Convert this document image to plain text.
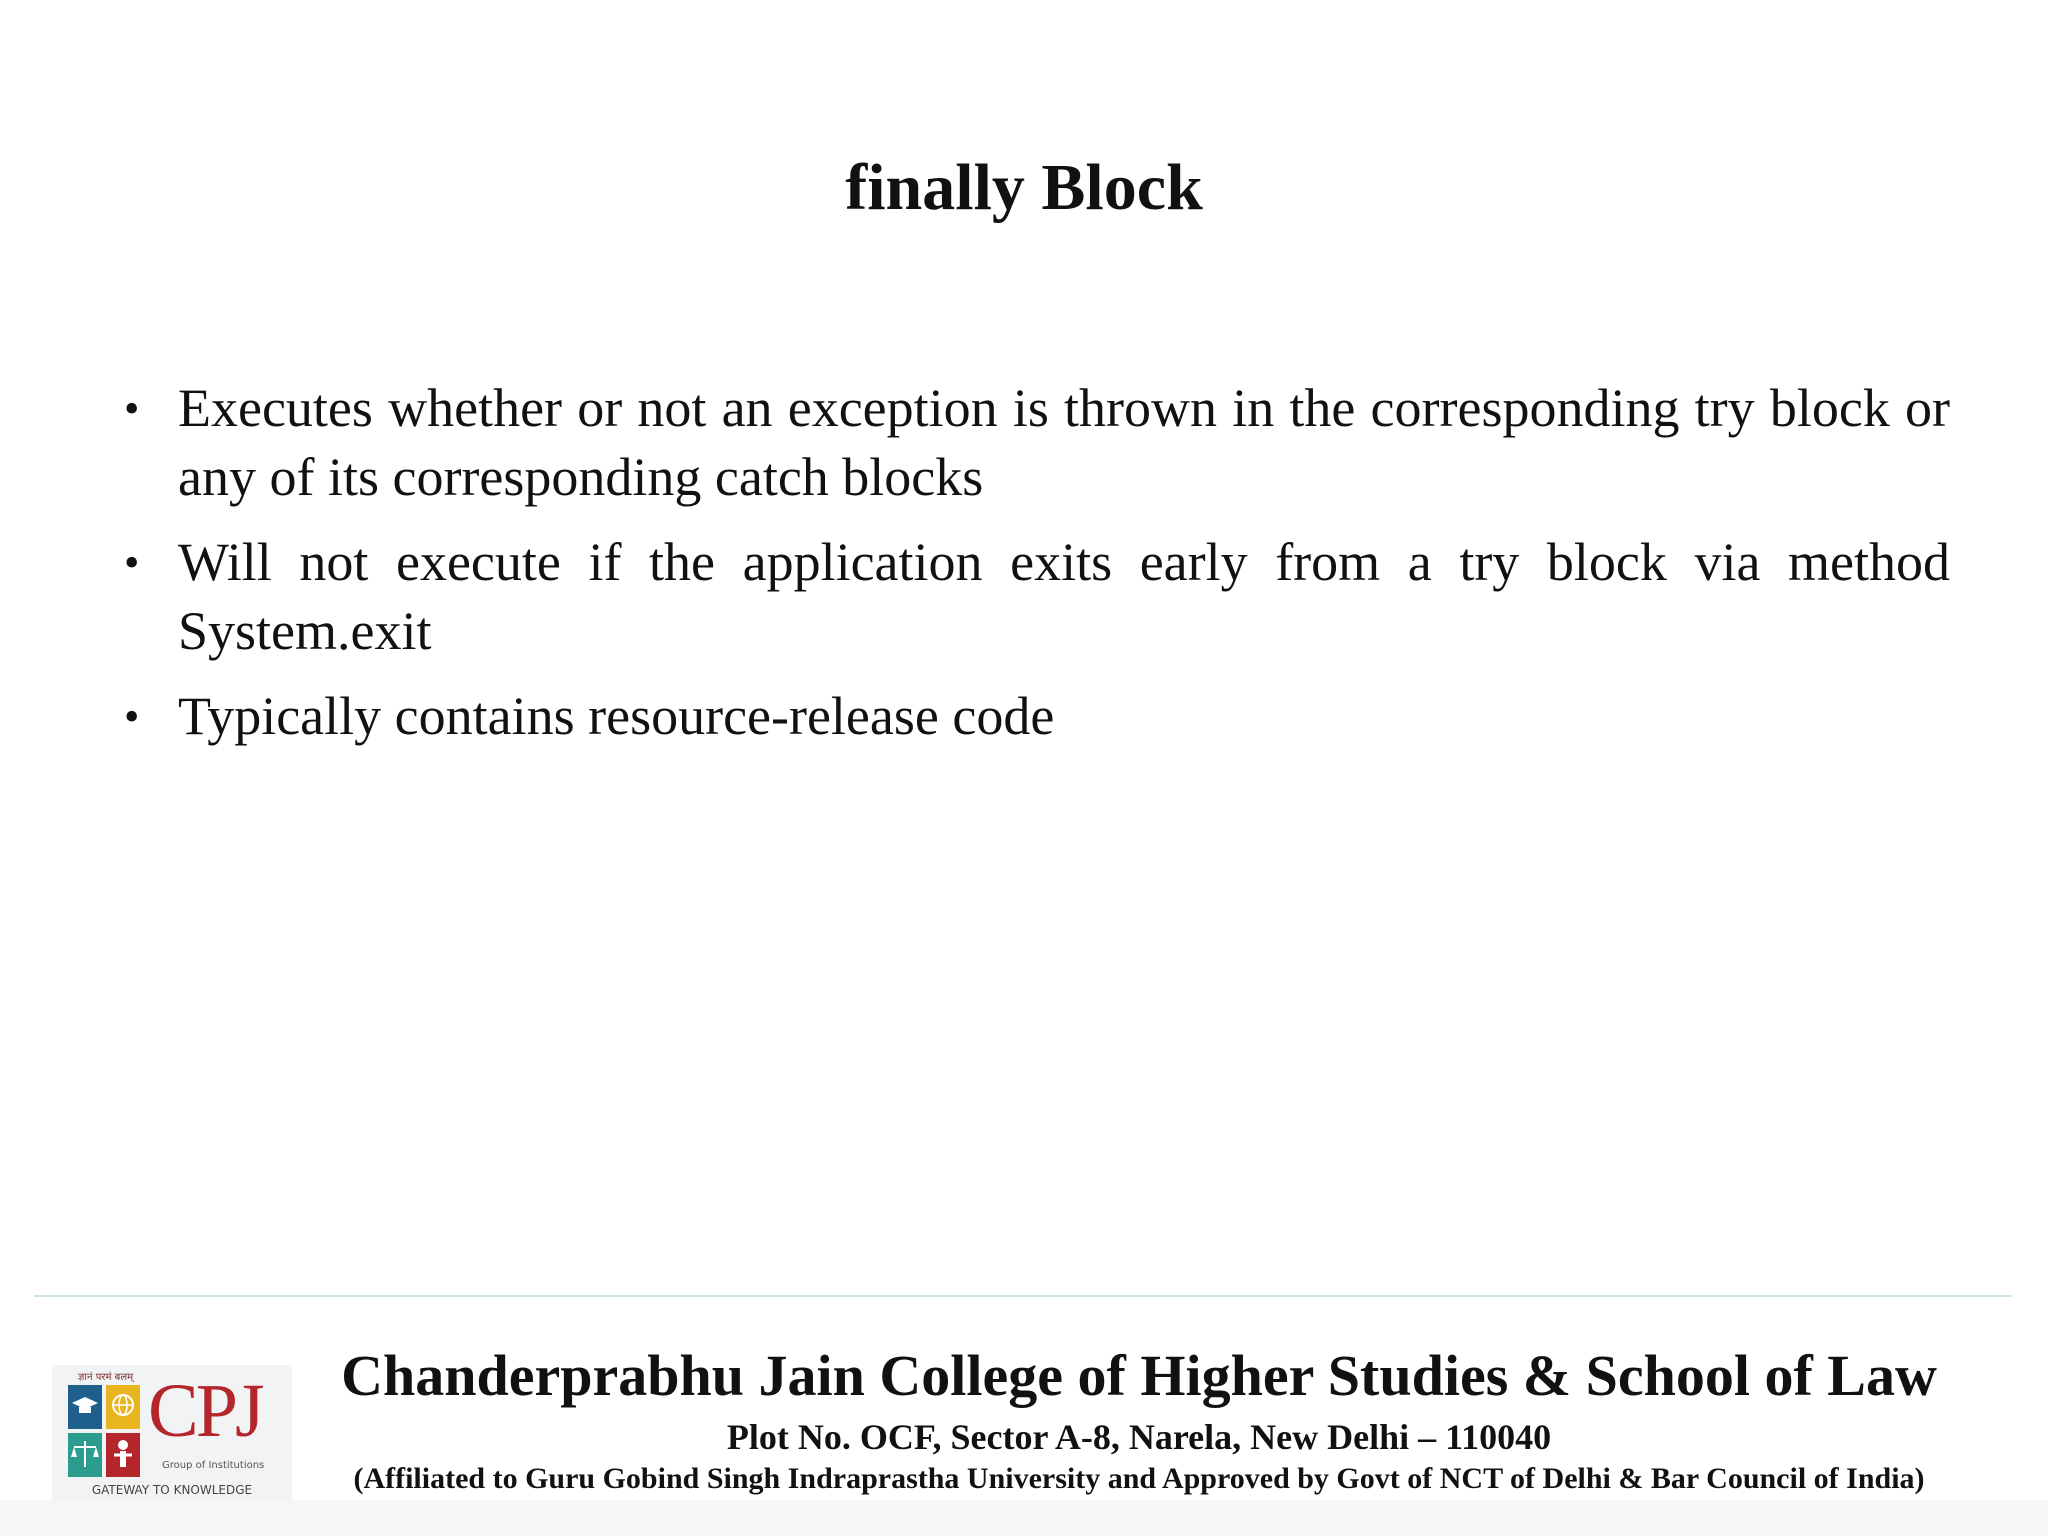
finally Block
• Executes whether or not an exception is thrown in the corresponding try block or any of its corresponding catch blocks
• Will not execute if the application exits early from a try block via method System.exit
• Typically contains resource-release code
ज्ञानं परमं बलम् CPJ
Group of Institutions
GATEWAY TO KNOWLEDGE
Chanderprabhu Jain College of Higher Studies & School of Law
Plot No. OCF, Sector A-8, Narela, New Delhi – 110040
(Affiliated to Guru Gobind Singh Indraprastha University and Approved by Govt of NCT of Delhi & Bar Council of India)
